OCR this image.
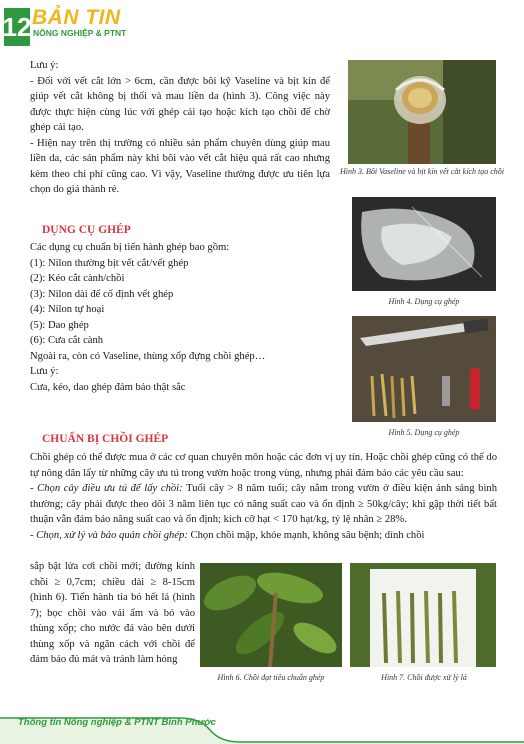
12 BẢN TIN
NÔNG NGHIỆP & PTNT

Lưu ý:

- Đối với vết cắt lớn > 6cm, cần được bôi kỹ Vaseline và bịt kín để giúp vết cắt không bị thối và mau liền da (hình 3). Công việc này được thực hiện cùng lúc với ghép cải tạo hoặc kích tạo chồi để chờ ghép cải tạo.

- Hiện nay trên thị trường có nhiều sản phẩm chuyên dùng giúp mau liền da, các sản phẩm này khi bôi vào vết cắt hiệu quả rất cao nhưng kèm theo chi phí cũng cao. Vì vậy, Vaseline thường được ưu tiên lựa chọn do giá thành rẻ.

Hình 3. Bôi Vaseline và bịt kín vết cắt kích tạo chồi
DỤNG CỤ GHÉP

Các dụng cụ chuẩn bị tiến hành ghép bao gồm:

(1): Nilon thường bịt vết cắt/vết ghép

(2): Kéo cắt cành/chồi

(3): Nilon dài để cố định vết ghép

(4): Nilon tự hoại

(5): Dao ghép

(6): Cưa cắt cành

Ngoài ra, còn có Vaseline, thùng xốp đựng chồi ghép…

Lưu ý:

Cưa, kéo, dao ghép đảm bảo thật sắc

Hình 4. Dụng cụ ghép
Hình 5. Dụng cụ ghép
CHUẨN BỊ CHỒI GHÉP

Chồi ghép có thể được mua ở các cơ quan chuyên môn hoặc các đơn vị uy tín. Hoặc chồi ghép cũng có thể do tự nông dân lấy từ những cây ưu tú trong vườn hoặc trong vùng, nhưng phải đảm bảo các yêu cầu sau:

- Chọn cây điều ưu tú để lấy chồi: Tuổi cây > 8 năm tuổi; cây nằm trong vườn ở điều kiện ánh sáng bình thường; cây phải được theo dõi 3 năm liên tục có năng suất cao và ổn định ≥ 50kg/cây; khi gặp thời tiết bất thuận vẫn đảm bảo năng suất cao và ổn định; kích cỡ hạt < 170 hạt/kg, tỷ lệ nhân ≥ 28%.

- Chọn, xử lý và bảo quản chồi ghép: Chọn chồi mập, khỏe mạnh, không sâu bệnh; dính chồi

sắp bật lửa cơi chồi mới; đường kính chồi ≥ 0,7cm; chiều dài ≥ 8-15cm (hình 6). Tiến hành tỉa bỏ hết lá (hình 7); bọc chồi vào vải ẩm và bỏ vào thùng xốp; cho nước đá vào bên dưới thùng xốp và ngăn cách với chồi để đảm bảo đủ mát và tránh làm hỏng

Hình 6. Chồi đạt tiêu chuẩn ghép	Hình 7. Chồi được xử lý lá
Thông tin Nông nghiệp & PTNT Bình Phước
